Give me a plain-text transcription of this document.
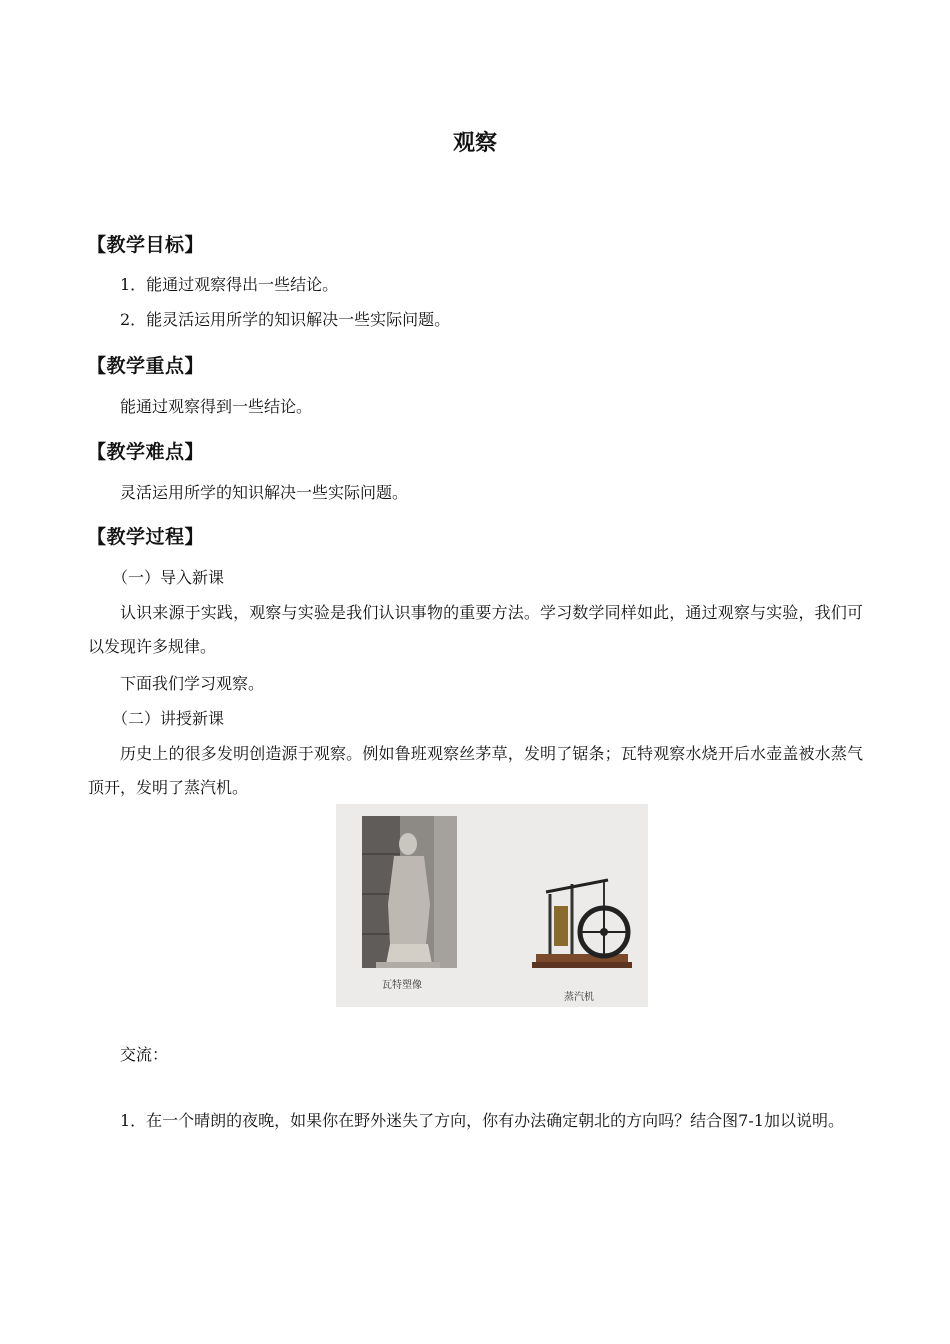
观察
【教学目标】
1．能通过观察得出一些结论。
2．能灵活运用所学的知识解决一些实际问题。
【教学重点】
能通过观察得到一些结论。
【教学难点】
灵活运用所学的知识解决一些实际问题。
【教学过程】
（一）导入新课
认识来源于实践，观察与实验是我们认识事物的重要方法。学习数学同样如此，通过观察与实验，我们可以发现许多规律。
下面我们学习观察。
（二）讲授新课
历史上的很多发明创造源于观察。例如鲁班观察丝茅草，发明了锯条；瓦特观察水烧开后水壶盖被水蒸气顶开，发明了蒸汽机。
瓦特塑像
蒸汽机
交流：
1．在一个晴朗的夜晚，如果你在野外迷失了方向，你有办法确定朝北的方向吗？结合图7-1加以说明。
